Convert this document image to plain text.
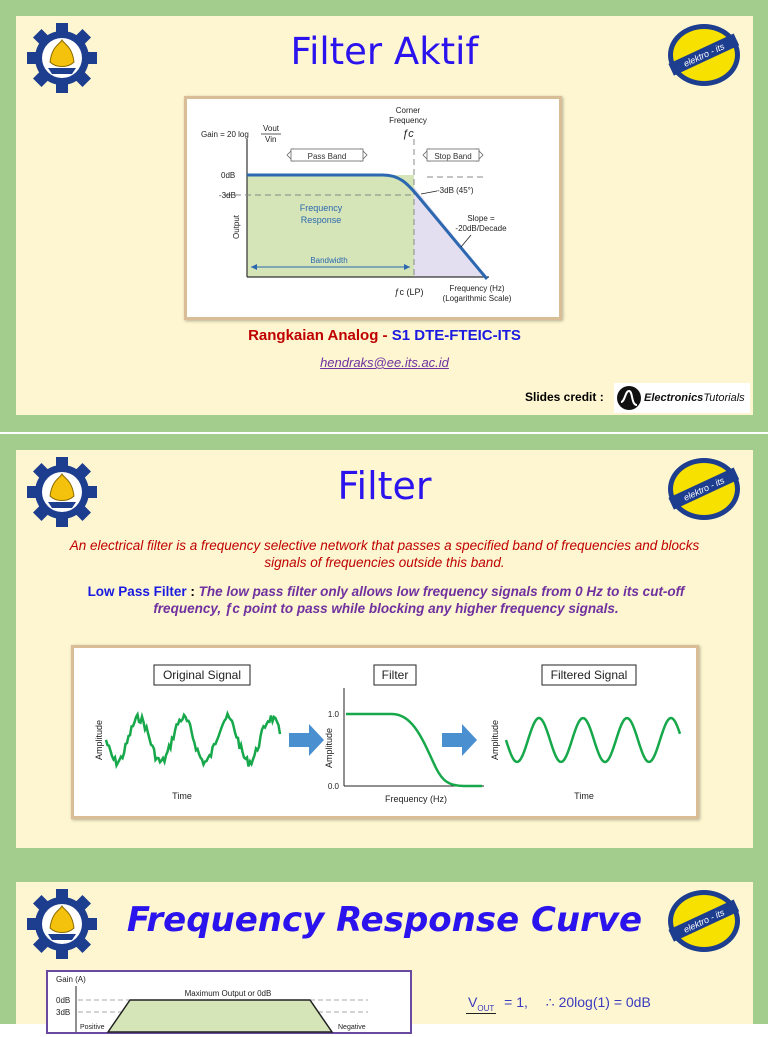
Filter Aktif	elektro - its
Pass Band	Stop Band
Bandwidth
Gain = 20 log
Vout
Vin
Corner
Frequency
ƒc
0dB
-3dB
-3dB (45°)
Frequency
Response
Output	Slope =
-20dB/Decade
ƒc (LP)	Frequency (Hz)
(Logarithmic Scale)
Rangkaian Analog - S1 DTE-FTEIC-ITS
hendraks@ee.its.ac.id
Slides credit :	Electronics Tutorials
Filter	elektro - its
An electrical filter is a frequency selective network that passes a specified band of frequencies and blocks signals of frequencies outside this band.
Low Pass Filter : The low pass filter only allows low frequency signals from 0 Hz to its cut-off frequency, ƒc point to pass while blocking any higher frequency signals.
Original Signal
Amplitude
Time
Filter
1.0
0.0
Amplitude
Frequency (Hz)
Filtered Signal
Amplitude
Time
Frequency Response Curve	elektro - its
Gain (A)
Maximum Output or 0dB
0dB
3dB
Positive	Negative
$V_{OUT} = 1$, ∴ 20log(1) = 0dB
